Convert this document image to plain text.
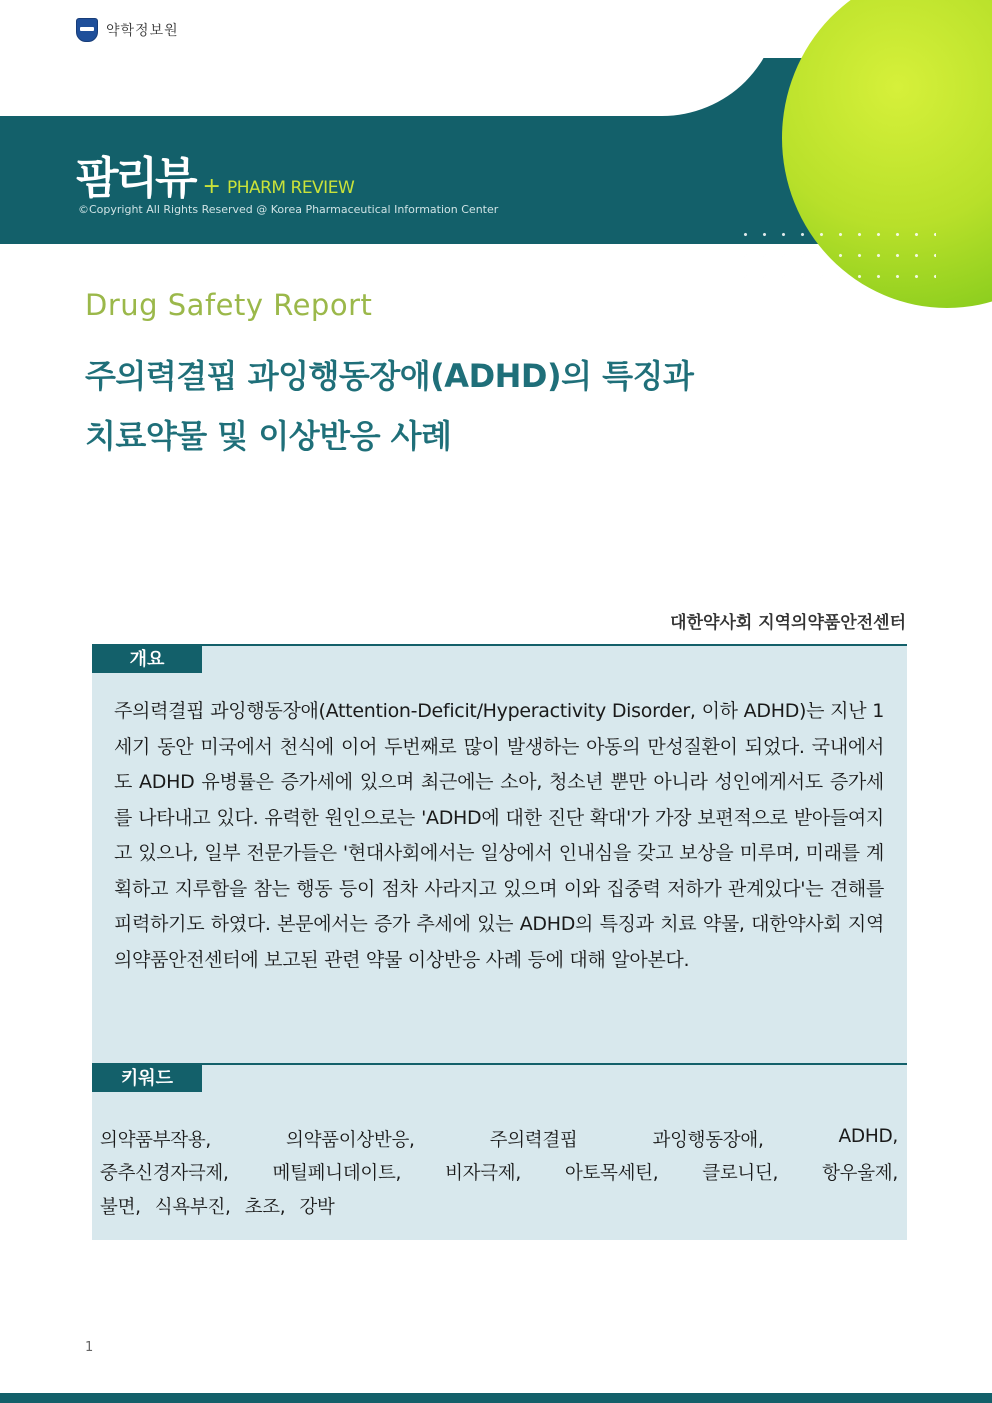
약학정보원
팜리뷰 + PHARM REVIEW
©Copyright All Rights Reserved @ Korea Pharmaceutical Information Center
Drug Safety Report
주의력결핍 과잉행동장애(ADHD)의 특징과
치료약물 및 이상반응 사례
대한약사회 지역의약품안전센터
개요
주의력결핍 과잉행동장애(Attention-Deficit/Hyperactivity Disorder, 이하 ADHD)는 지난 1세기 동안 미국에서 천식에 이어 두번째로 많이 발생하는 아동의 만성질환이 되었다. 국내에서도 ADHD 유병률은 증가세에 있으며 최근에는 소아, 청소년 뿐만 아니라 성인에게서도 증가세를 나타내고 있다. 유력한 원인으로는 'ADHD에 대한 진단 확대'가 가장 보편적으로 받아들여지고 있으나, 일부 전문가들은 '현대사회에서는 일상에서 인내심을 갖고 보상을 미루며, 미래를 계획하고 지루함을 참는 행동 등이 점차 사라지고 있으며 이와 집중력 저하가 관계있다'는 견해를 피력하기도 하였다. 본문에서는 증가 추세에 있는 ADHD의 특징과 치료 약물, 대한약사회 지역의약품안전센터에 보고된 관련 약물 이상반응 사례 등에 대해 알아본다.
키워드
의약품부작용,	의약품이상반응,	주의력결핍	과잉행동장애,	ADHD,
중추신경자극제, 메틸페니데이트, 비자극제, 아토목세틴, 클로니딘, 항우울제,
불면, 식욕부진, 초조, 강박
1
